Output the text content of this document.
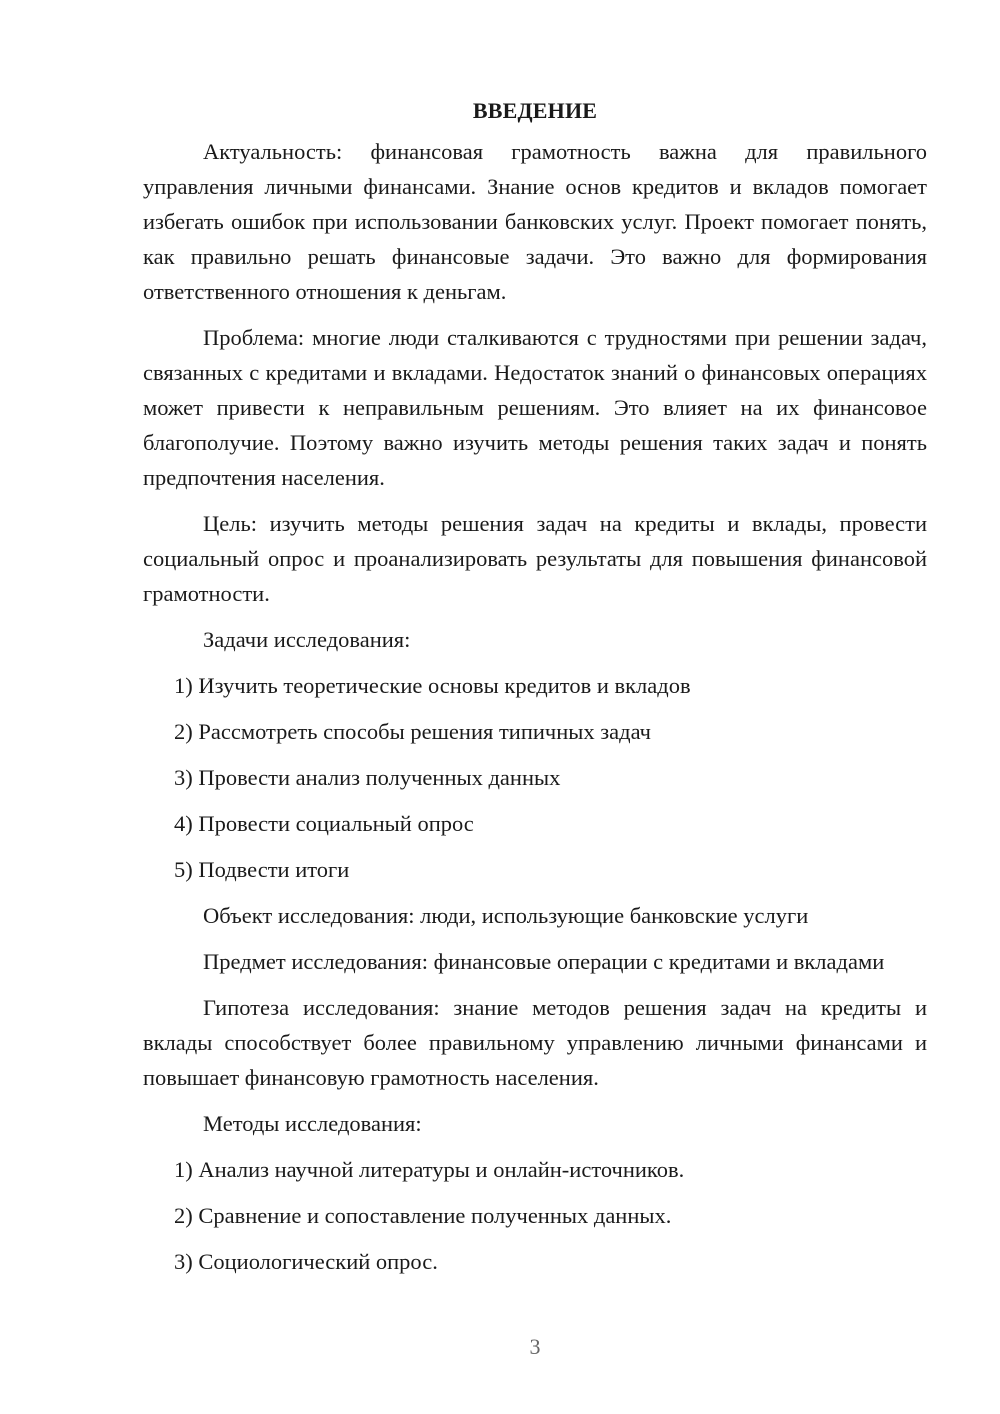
ВВЕДЕНИЕ

Актуальность: финансовая грамотность важна для правильного управления личными финансами. Знание основ кредитов и вкладов помогает избегать ошибок при использовании банковских услуг. Проект помогает понять, как правильно решать финансовые задачи. Это важно для формирования ответственного отношения к деньгам.

Проблема: многие люди сталкиваются с трудностями при решении задач, связанных с кредитами и вкладами. Недостаток знаний о финансовых операциях может привести к неправильным решениям. Это влияет на их финансовое благополучие. Поэтому важно изучить методы решения таких задач и понять предпочтения населения.

Цель: изучить методы решения задач на кредиты и вклады, провести социальный опрос и проанализировать результаты для повышения финансовой грамотности.

Задачи исследования:
1) Изучить теоретические основы кредитов и вкладов
2) Рассмотреть способы решения типичных задач
3) Провести анализ полученных данных
4) Провести социальный опрос
5) Подвести итоги
Объект исследования: люди, использующие банковские услуги

Предмет исследования: финансовые операции с кредитами и вкладами

Гипотеза исследования: знание методов решения задач на кредиты и вклады способствует более правильному управлению личными финансами и повышает финансовую грамотность населения.

Методы исследования:
1) Анализ научной литературы и онлайн-источников.
2) Сравнение и сопоставление полученных данных.
3) Социологический опрос.
3
